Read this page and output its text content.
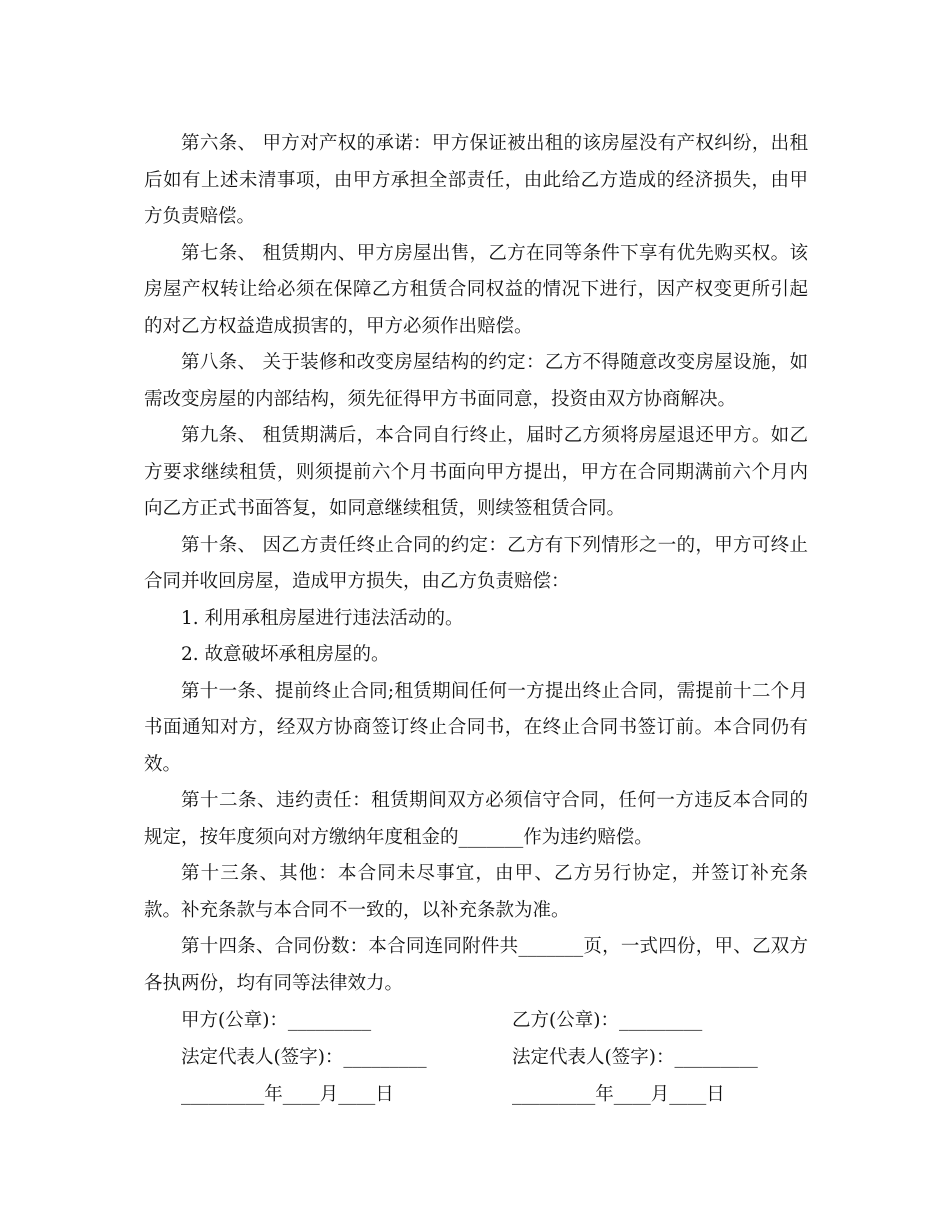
第六条、 甲方对产权的承诺：甲方保证被出租的该房屋没有产权纠纷，出租后如有上述未清事项，由甲方承担全部责任，由此给乙方造成的经济损失，由甲方负责赔偿。

第七条、 租赁期内、甲方房屋出售，乙方在同等条件下享有优先购买权。该房屋产权转让给必须在保障乙方租赁合同权益的情况下进行，因产权变更所引起的对乙方权益造成损害的，甲方必须作出赔偿。

第八条、 关于装修和改变房屋结构的约定：乙方不得随意改变房屋设施，如需改变房屋的内部结构，须先征得甲方书面同意，投资由双方协商解决。

第九条、 租赁期满后，本合同自行终止，届时乙方须将房屋退还甲方。如乙方要求继续租赁，则须提前六个月书面向甲方提出，甲方在合同期满前六个月内向乙方正式书面答复，如同意继续租赁，则续签租赁合同。

第十条、 因乙方责任终止合同的约定：乙方有下列情形之一的，甲方可终止合同并收回房屋，造成甲方损失，由乙方负责赔偿：

1. 利用承租房屋进行违法活动的。

2. 故意破坏承租房屋的。

第十一条、提前终止合同;租赁期间任何一方提出终止合同，需提前十二个月书面通知对方，经双方协商签订终止合同书，在终止合同书签订前。本合同仍有效。

第十二条、违约责任：租赁期间双方必须信守合同，任何一方违反本合同的规定，按年度须向对方缴纳年度租金的_______作为违约赔偿。

第十三条、其他：本合同未尽事宜，由甲、乙方另行协定，并签订补充条款。补充条款与本合同不一致的，以补充条款为准。

第十四条、合同份数：本合同连同附件共_______页，一式四份，甲、乙双方各执两份，均有同等法律效力。

甲方(公章)：_________	乙方(公章)：_________
法定代表人(签字)：_________	法定代表人(签字)：_________
_________年____月____日	_________年____月____日
